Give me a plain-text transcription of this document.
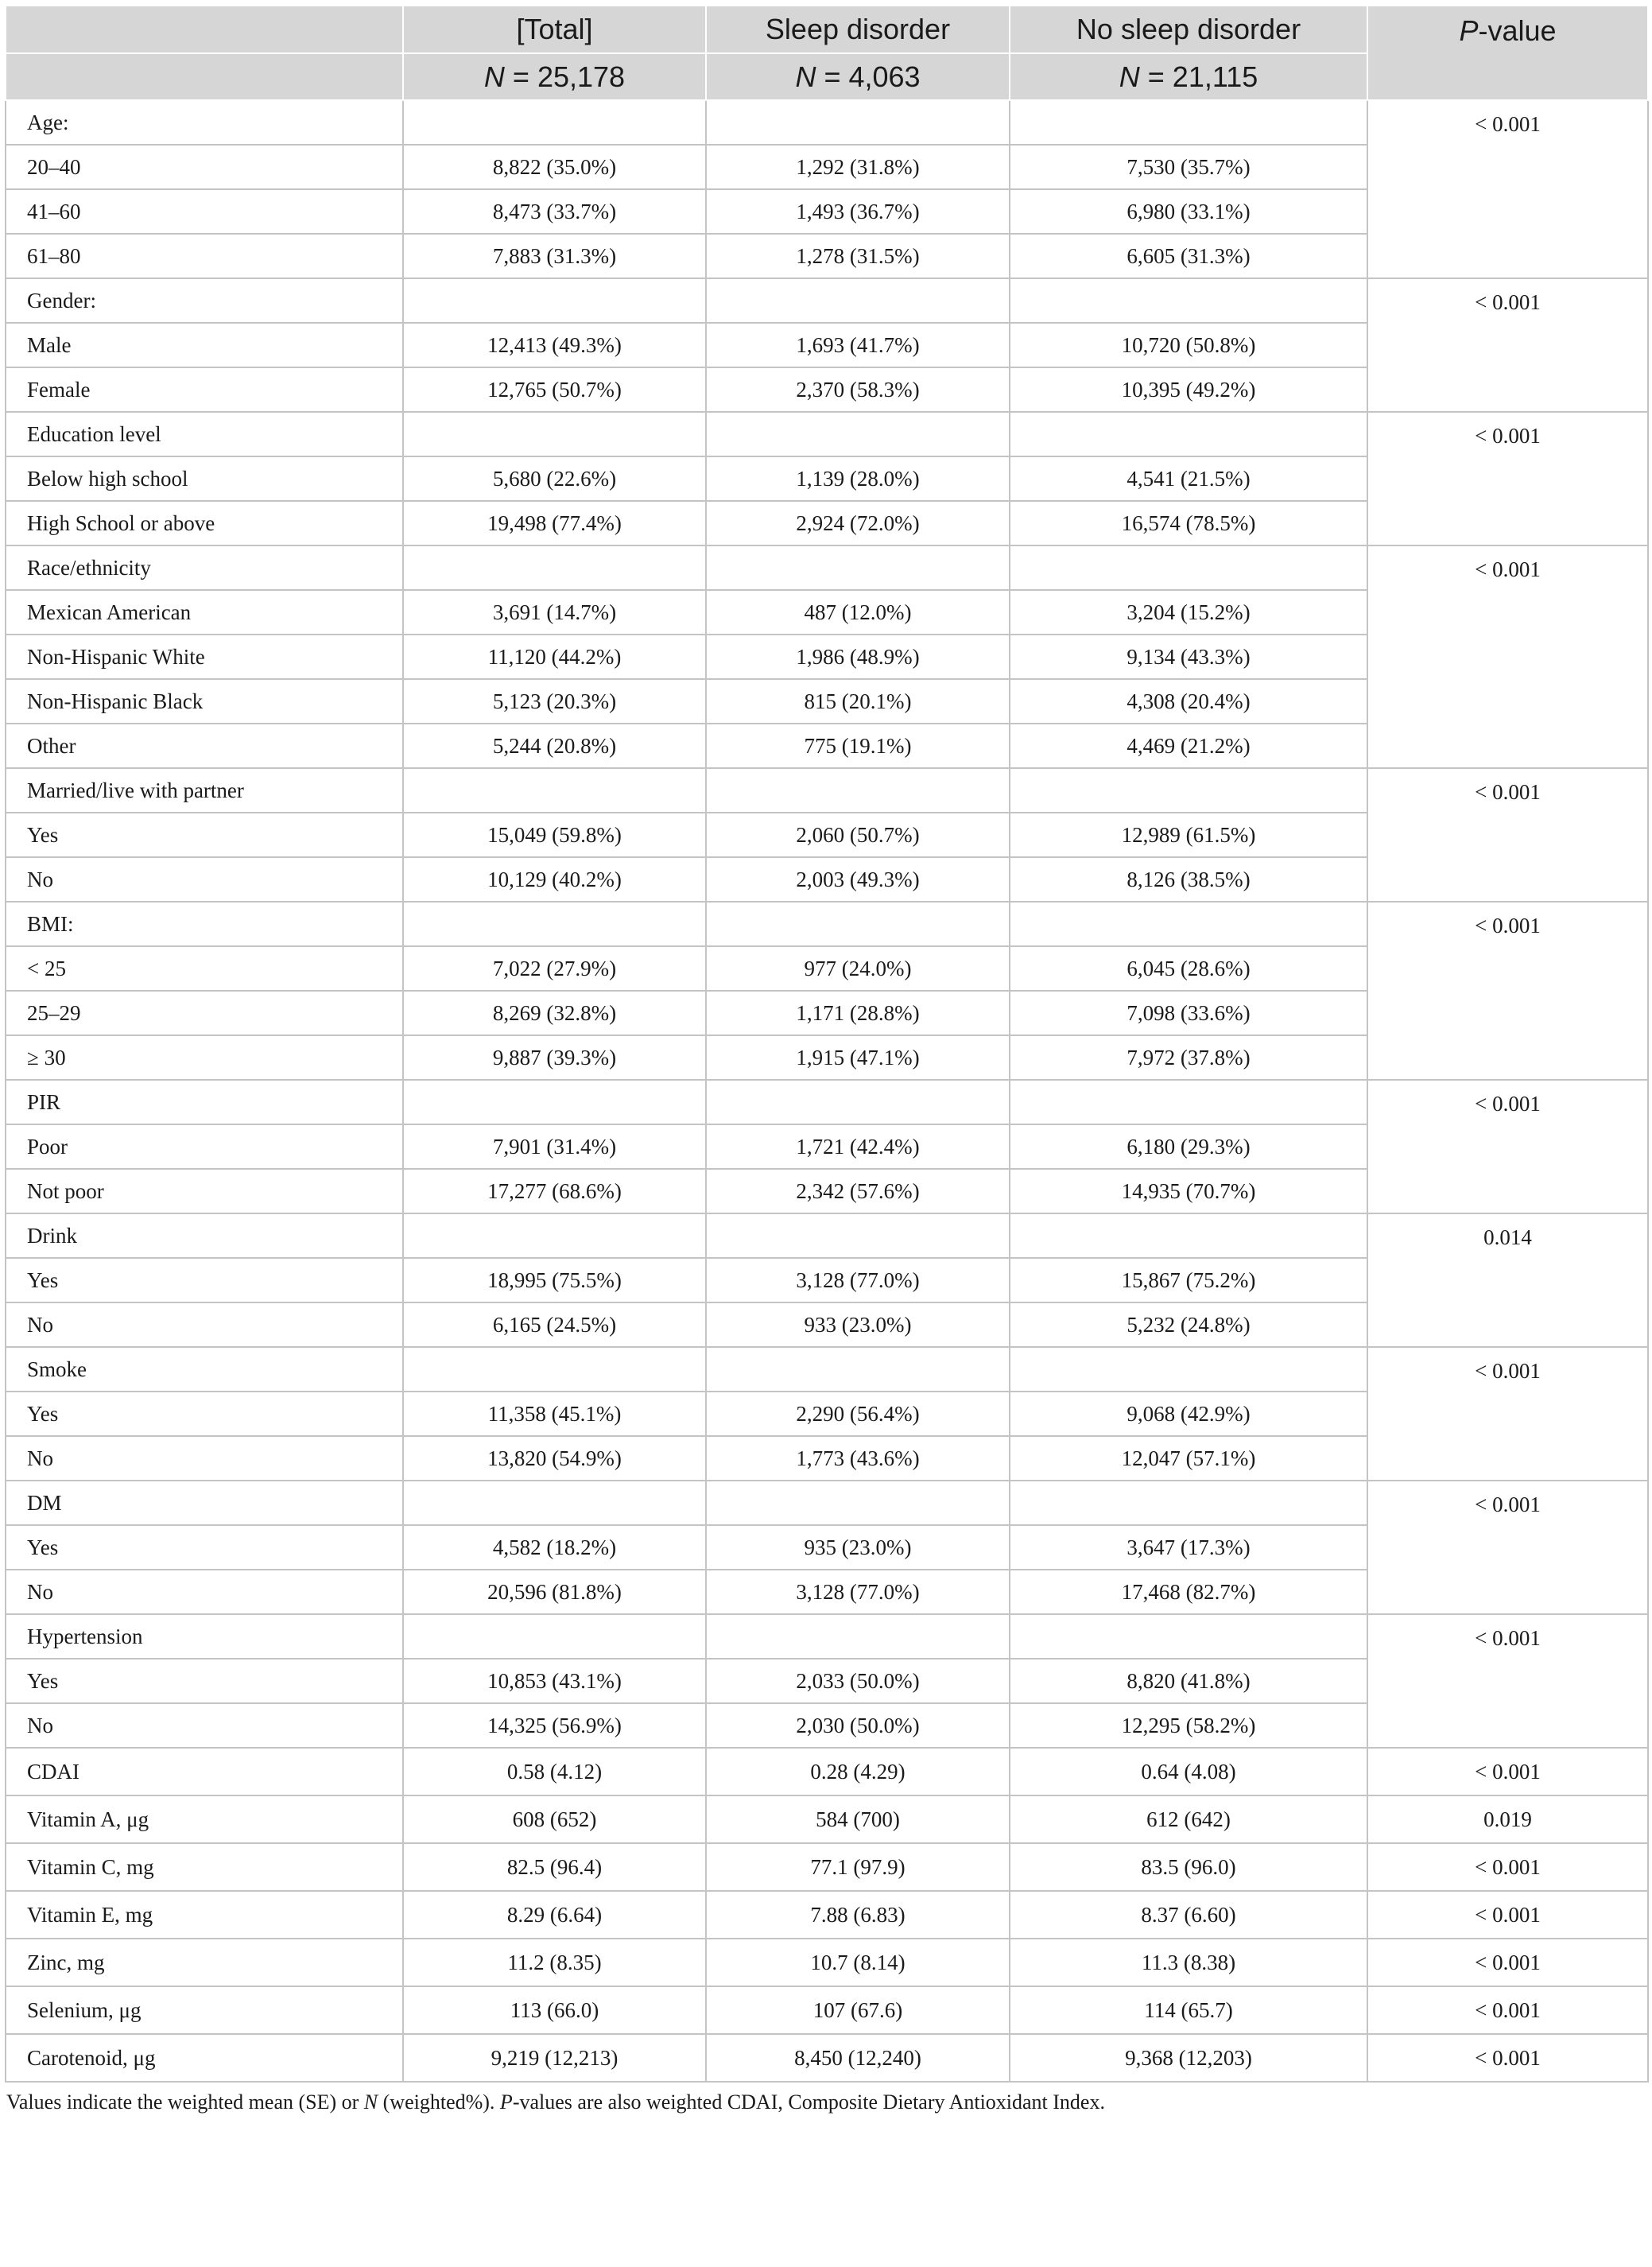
	[Total]	Sleep disorder	No sleep disorder	P-value
	N = 25,178	N = 4,063	N = 21,115	
Age:				< 0.001
20–40	8,822 (35.0%)	1,292 (31.8%)	7,530 (35.7%)	
41–60	8,473 (33.7%)	1,493 (36.7%)	6,980 (33.1%)	
61–80	7,883 (31.3%)	1,278 (31.5%)	6,605 (31.3%)	
Gender:				< 0.001
Male	12,413 (49.3%)	1,693 (41.7%)	10,720 (50.8%)	
Female	12,765 (50.7%)	2,370 (58.3%)	10,395 (49.2%)	
Education level				< 0.001
Below high school	5,680 (22.6%)	1,139 (28.0%)	4,541 (21.5%)	
High School or above	19,498 (77.4%)	2,924 (72.0%)	16,574 (78.5%)	
Race/ethnicity				< 0.001
Mexican American	3,691 (14.7%)	487 (12.0%)	3,204 (15.2%)	
Non-Hispanic White	11,120 (44.2%)	1,986 (48.9%)	9,134 (43.3%)	
Non-Hispanic Black	5,123 (20.3%)	815 (20.1%)	4,308 (20.4%)	
Other	5,244 (20.8%)	775 (19.1%)	4,469 (21.2%)	
Married/live with partner				< 0.001
Yes	15,049 (59.8%)	2,060 (50.7%)	12,989 (61.5%)	
No	10,129 (40.2%)	2,003 (49.3%)	8,126 (38.5%)	
BMI:				< 0.001
< 25	7,022 (27.9%)	977 (24.0%)	6,045 (28.6%)	
25–29	8,269 (32.8%)	1,171 (28.8%)	7,098 (33.6%)	
≥ 30	9,887 (39.3%)	1,915 (47.1%)	7,972 (37.8%)	
PIR				< 0.001
Poor	7,901 (31.4%)	1,721 (42.4%)	6,180 (29.3%)	
Not poor	17,277 (68.6%)	2,342 (57.6%)	14,935 (70.7%)	
Drink				0.014
Yes	18,995 (75.5%)	3,128 (77.0%)	15,867 (75.2%)	
No	6,165 (24.5%)	933 (23.0%)	5,232 (24.8%)	
Smoke				< 0.001
Yes	11,358 (45.1%)	2,290 (56.4%)	9,068 (42.9%)	
No	13,820 (54.9%)	1,773 (43.6%)	12,047 (57.1%)	
DM				< 0.001
Yes	4,582 (18.2%)	935 (23.0%)	3,647 (17.3%)	
No	20,596 (81.8%)	3,128 (77.0%)	17,468 (82.7%)	
Hypertension				< 0.001
Yes	10,853 (43.1%)	2,033 (50.0%)	8,820 (41.8%)	
No	14,325 (56.9%)	2,030 (50.0%)	12,295 (58.2%)	
CDAI	0.58 (4.12)	0.28 (4.29)	0.64 (4.08)	< 0.001
Vitamin A, μg	608 (652)	584 (700)	612 (642)	0.019
Vitamin C, mg	82.5 (96.4)	77.1 (97.9)	83.5 (96.0)	< 0.001
Vitamin E, mg	8.29 (6.64)	7.88 (6.83)	8.37 (6.60)	< 0.001
Zinc, mg	11.2 (8.35)	10.7 (8.14)	11.3 (8.38)	< 0.001
Selenium, μg	113 (66.0)	107 (67.6)	114 (65.7)	< 0.001
Carotenoid, μg	9,219 (12,213)	8,450 (12,240)	9,368 (12,203)	< 0.001
Values indicate the weighted mean (SE) or N (weighted%). P-values are also weighted CDAI, Composite Dietary Antioxidant Index.
